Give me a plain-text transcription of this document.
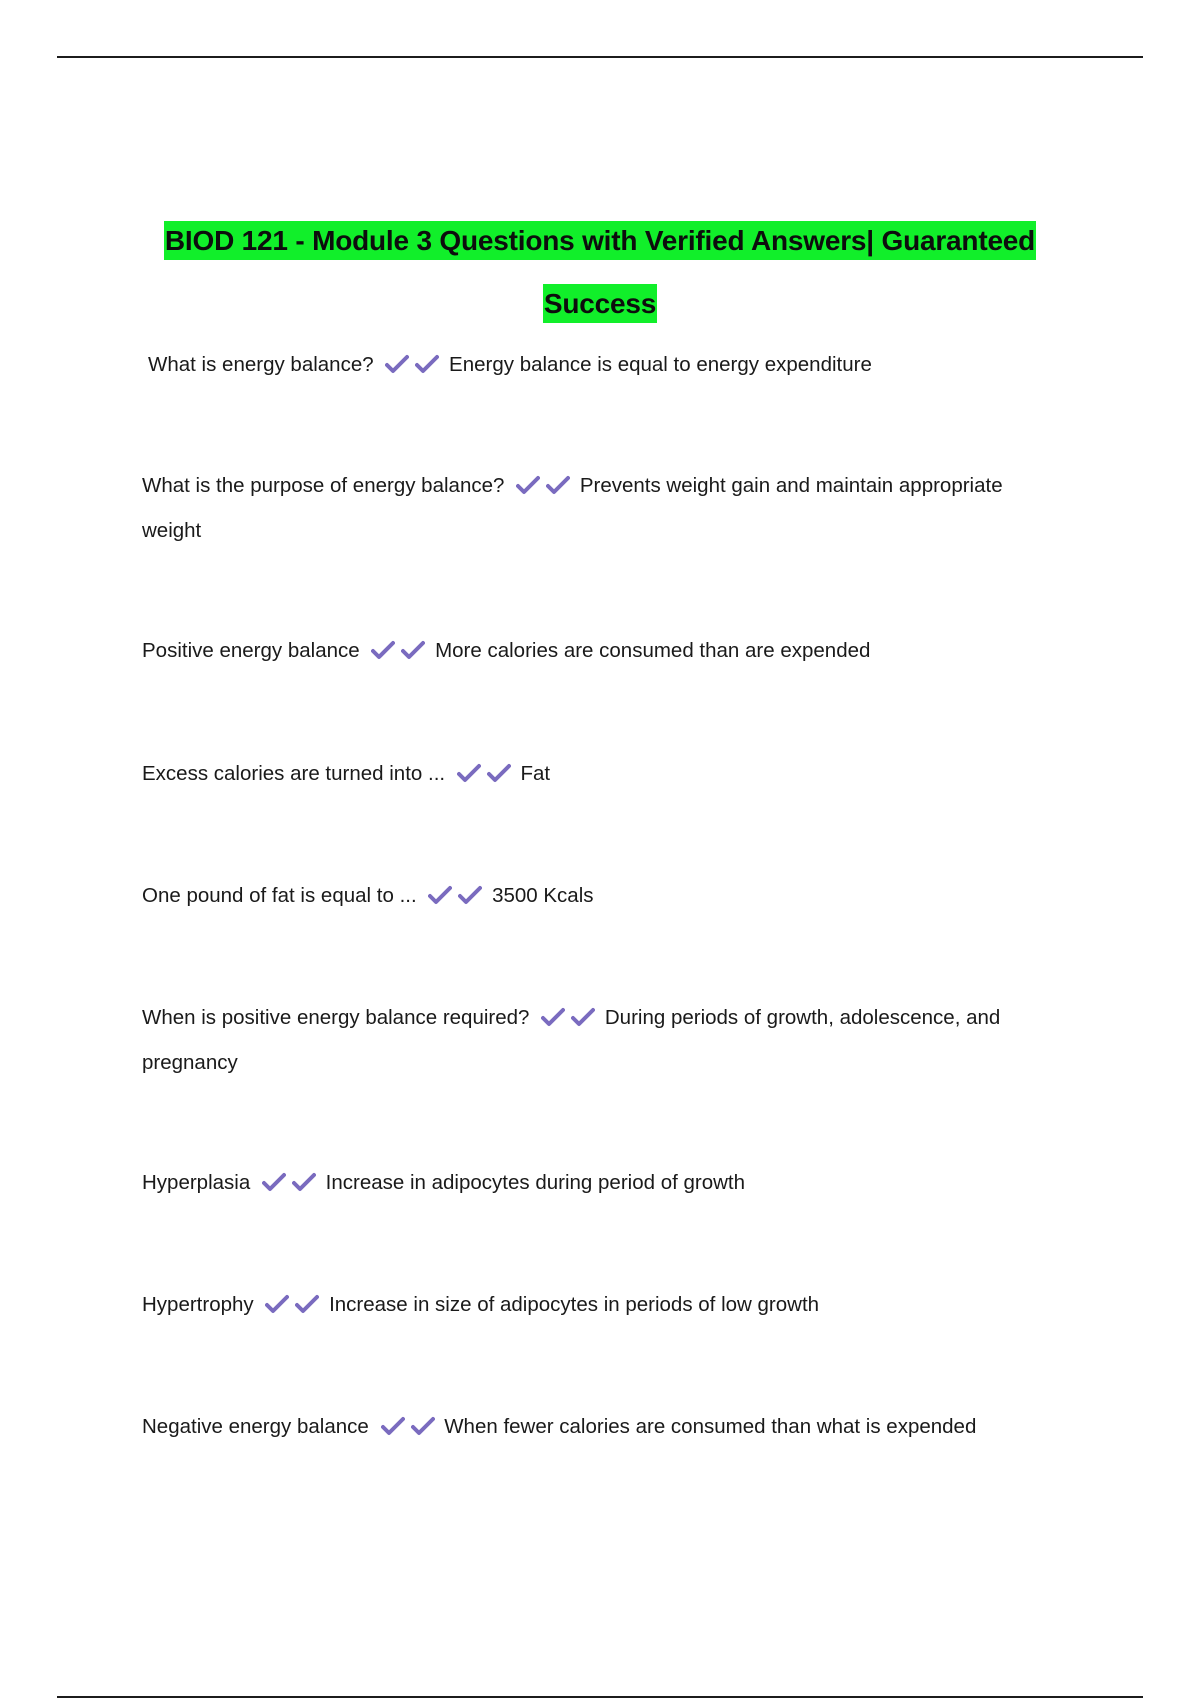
BIOD 121 - Module 3 Questions with Verified Answers| Guaranteed Success
What is energy balance?	Energy balance is equal to energy expenditure
What is the purpose of energy balance?	Prevents weight gain and maintain appropriate weight
Positive energy balance	More calories are consumed than are expended
Excess calories are turned into ...	Fat
One pound of fat is equal to ...	3500 Kcals
When is positive energy balance required?	During periods of growth, adolescence, and pregnancy
Hyperplasia	Increase in adipocytes during period of growth
Hypertrophy	Increase in size of adipocytes in periods of low growth
Negative energy balance	When fewer calories are consumed than what is expended
